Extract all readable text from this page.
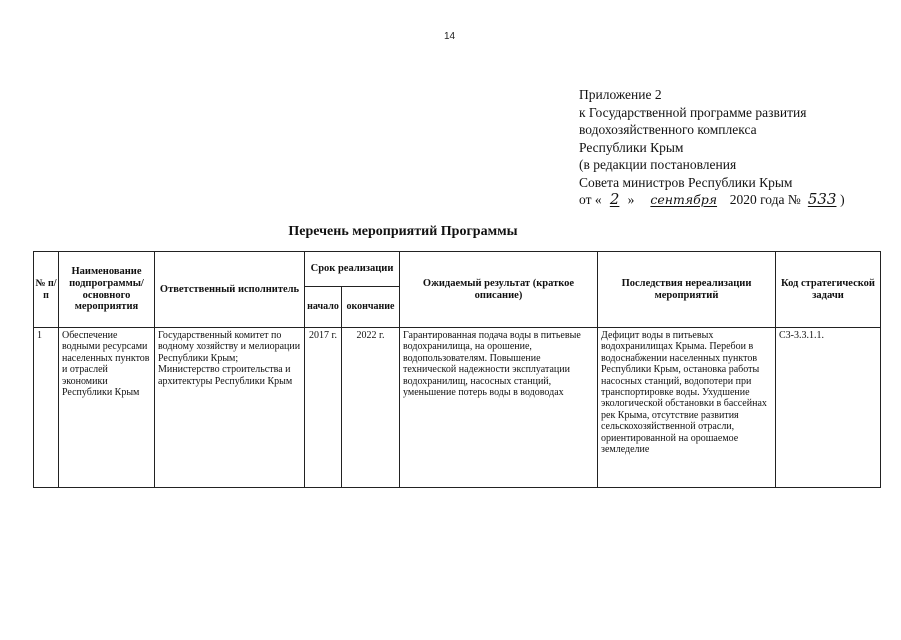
14
Приложение 2
к Государственной программе развития
водохозяйственного комплекса
Республики Крым
(в редакции постановления
Совета министров Республики Крым
от « 2 » сентября 2020 года № 533 )
Перечень мероприятий Программы
№ п/п	Наименование подпрограммы/ основного мероприятия	Ответственный исполнитель	Срок реализации		Ожидаемый результат (краткое описание)	Последствия нереализации мероприятий	Код стратегической задачи
			начало	окончание			
1	Обеспечение водными ресурсами населенных пунктов и отраслей экономики Республики Крым	Государственный комитет по водному хозяйству и мелиорации Республики Крым;
Министерство строительства и архитектуры Республики Крым	2017 г.	2022 г.	Гарантированная подача воды в питьевые водохранилища, на орошение, водопользователям. Повышение технической надежности эксплуатации водохранилищ, насосных станций, уменьшение потерь воды в водоводах	Дефицит воды в питьевых водохранилищах Крыма. Перебои в водоснабжении населенных пунктов Республики Крым, остановка работы насосных станций, водопотери при транспортировке воды. Ухудшение экологической обстановки в бассейнах рек Крыма, отсутствие развития сельскохозяйственной отрасли, ориентированной на орошаемое земледелие	С3-3.3.1.1.
